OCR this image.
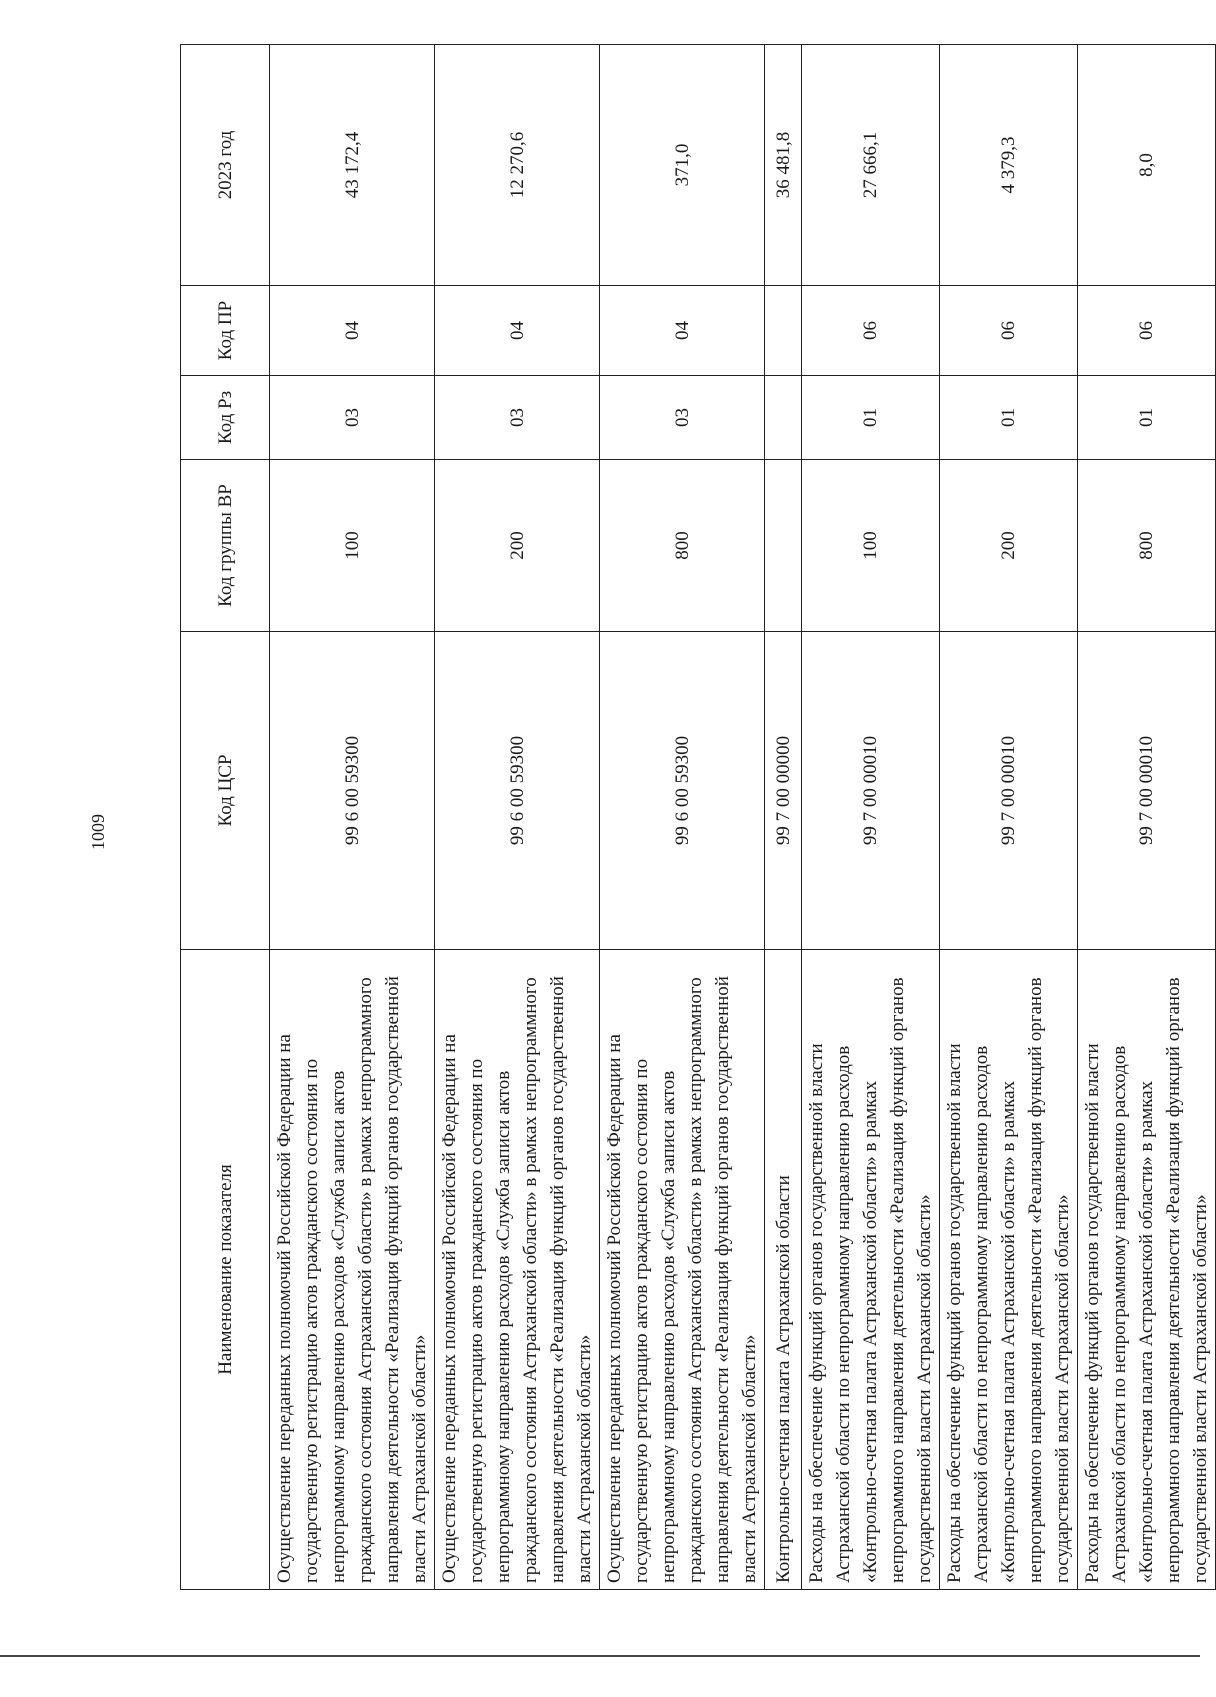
1009
Наименование показателя	Код ЦСР	Код группы ВР	Код Рз	Код ПР	2023 год
Осуществление переданных полномочий Российской Федерации на государственную регистрацию актов гражданского состояния по непрограммному направлению расходов «Служба записи актов гражданского состояния Астраханской области» в рамках непрограммного направления деятельности «Реализация функций органов государственной власти Астраханской области»	99 6 00 59300	100	03	04	43 172,4
Осуществление переданных полномочий Российской Федерации на государственную регистрацию актов гражданского состояния по непрограммному направлению расходов «Служба записи актов гражданского состояния Астраханской области» в рамках непрограммного направления деятельности «Реализация функций органов государственной власти Астраханской области»	99 6 00 59300	200	03	04	12 270,6
Осуществление переданных полномочий Российской Федерации на государственную регистрацию актов гражданского состояния по непрограммному направлению расходов «Служба записи актов гражданского состояния Астраханской области» в рамках непрограммного направления деятельности «Реализация функций органов государственной власти Астраханской области»	99 6 00 59300	800	03	04	371,0
Контрольно-счетная палата Астраханской области	99 7 00 00000				36 481,8
Расходы на обеспечение функций органов государственной власти Астраханской области по непрограммному направлению расходов «Контрольно-счетная палата Астраханской области» в рамках непрограммного направления деятельности «Реализация функций органов государственной власти Астраханской области»	99 7 00 00010	100	01	06	27 666,1
Расходы на обеспечение функций органов государственной власти Астраханской области по непрограммному направлению расходов «Контрольно-счетная палата Астраханской области» в рамках непрограммного направления деятельности «Реализация функций органов государственной власти Астраханской области»	99 7 00 00010	200	01	06	4 379,3
Расходы на обеспечение функций органов государственной власти Астраханской области по непрограммному направлению расходов «Контрольно-счетная палата Астраханской области» в рамках непрограммного направления деятельности «Реализация функций органов государственной власти Астраханской области»	99 7 00 00010	800	01	06	8,0
